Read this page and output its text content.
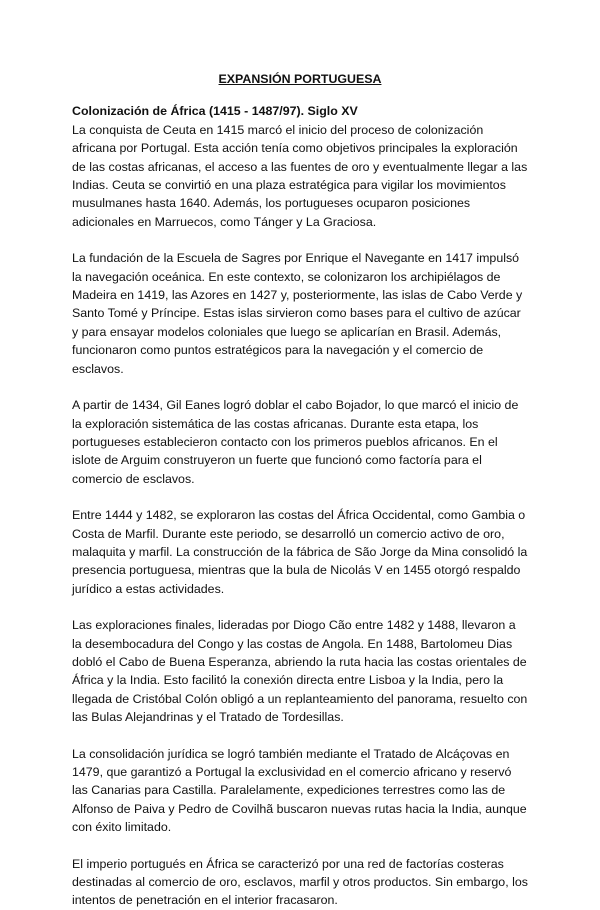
EXPANSIÓN PORTUGUESA
Colonización de África (1415 - 1487/97). Siglo XV

La conquista de Ceuta en 1415 marcó el inicio del proceso de colonización africana por Portugal. Esta acción tenía como objetivos principales la exploración de las costas africanas, el acceso a las fuentes de oro y eventualmente llegar a las Indias. Ceuta se convirtió en una plaza estratégica para vigilar los movimientos musulmanes hasta 1640. Además, los portugueses ocuparon posiciones adicionales en Marruecos, como Tánger y La Graciosa.

La fundación de la Escuela de Sagres por Enrique el Navegante en 1417 impulsó la navegación oceánica. En este contexto, se colonizaron los archipiélagos de Madeira en 1419, las Azores en 1427 y, posteriormente, las islas de Cabo Verde y Santo Tomé y Príncipe. Estas islas sirvieron como bases para el cultivo de azúcar y para ensayar modelos coloniales que luego se aplicarían en Brasil. Además, funcionaron como puntos estratégicos para la navegación y el comercio de esclavos.

A partir de 1434, Gil Eanes logró doblar el cabo Bojador, lo que marcó el inicio de la exploración sistemática de las costas africanas. Durante esta etapa, los portugueses establecieron contacto con los primeros pueblos africanos. En el islote de Arguim construyeron un fuerte que funcionó como factoría para el comercio de esclavos.

Entre 1444 y 1482, se exploraron las costas del África Occidental, como Gambia o Costa de Marfil. Durante este periodo, se desarrolló un comercio activo de oro, malaquita y marfil. La construcción de la fábrica de São Jorge da Mina consolidó la presencia portuguesa, mientras que la bula de Nicolás V en 1455 otorgó respaldo jurídico a estas actividades.

Las exploraciones finales, lideradas por Diogo Cão entre 1482 y 1488, llevaron a la desembocadura del Congo y las costas de Angola. En 1488, Bartolomeu Dias dobló el Cabo de Buena Esperanza, abriendo la ruta hacia las costas orientales de África y la India. Esto facilitó la conexión directa entre Lisboa y la India, pero la llegada de Cristóbal Colón obligó a un replanteamiento del panorama, resuelto con las Bulas Alejandrinas y el Tratado de Tordesillas.

La consolidación jurídica se logró también mediante el Tratado de Alcáçovas en 1479, que garantizó a Portugal la exclusividad en el comercio africano y reservó las Canarias para Castilla. Paralelamente, expediciones terrestres como las de Alfonso de Paiva y Pedro de Covilhã buscaron nuevas rutas hacia la India, aunque con éxito limitado.

El imperio portugués en África se caracterizó por una red de factorías costeras destinadas al comercio de oro, esclavos, marfil y otros productos. Sin embargo, los intentos de penetración en el interior fracasaron.
